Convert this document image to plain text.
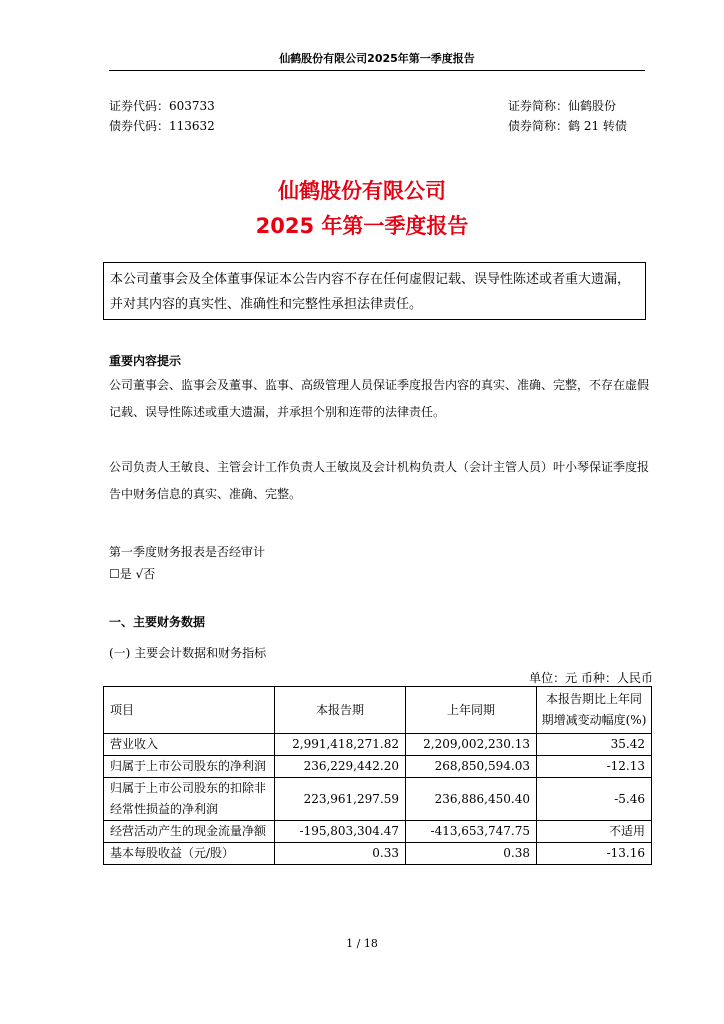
仙鹤股份有限公司2025年第一季度报告
证券代码：603733
债券代码：113632
证券简称：仙鹤股份
债券简称：鹤 21 转债
仙鹤股份有限公司
2025 年第一季度报告
本公司董事会及全体董事保证本公告内容不存在任何虚假记载、误导性陈述或者重大遗漏，并对其内容的真实性、准确性和完整性承担法律责任。
重要内容提示
公司董事会、监事会及董事、监事、高级管理人员保证季度报告内容的真实、准确、完整，不存在虚假记载、误导性陈述或重大遗漏，并承担个别和连带的法律责任。
公司负责人王敏良、主管会计工作负责人王敏岚及会计机构负责人（会计主管人员）叶小琴保证季度报告中财务信息的真实、准确、完整。
第一季度财务报表是否经审计
☐是 √否
一、主要财务数据
(一) 主要会计数据和财务指标
单位：元 币种：人民币
项目	本报告期	上年同期	本报告期比上年同期增减变动幅度(%)
营业收入	2,991,418,271.82	2,209,002,230.13	35.42
归属于上市公司股东的净利润	236,229,442.20	268,850,594.03	-12.13
归属于上市公司股东的扣除非经常性损益的净利润	223,961,297.59	236,886,450.40	-5.46
经营活动产生的现金流量净额	-195,803,304.47	-413,653,747.75	不适用
基本每股收益（元/股）	0.33	0.38	-13.16
1 / 18
